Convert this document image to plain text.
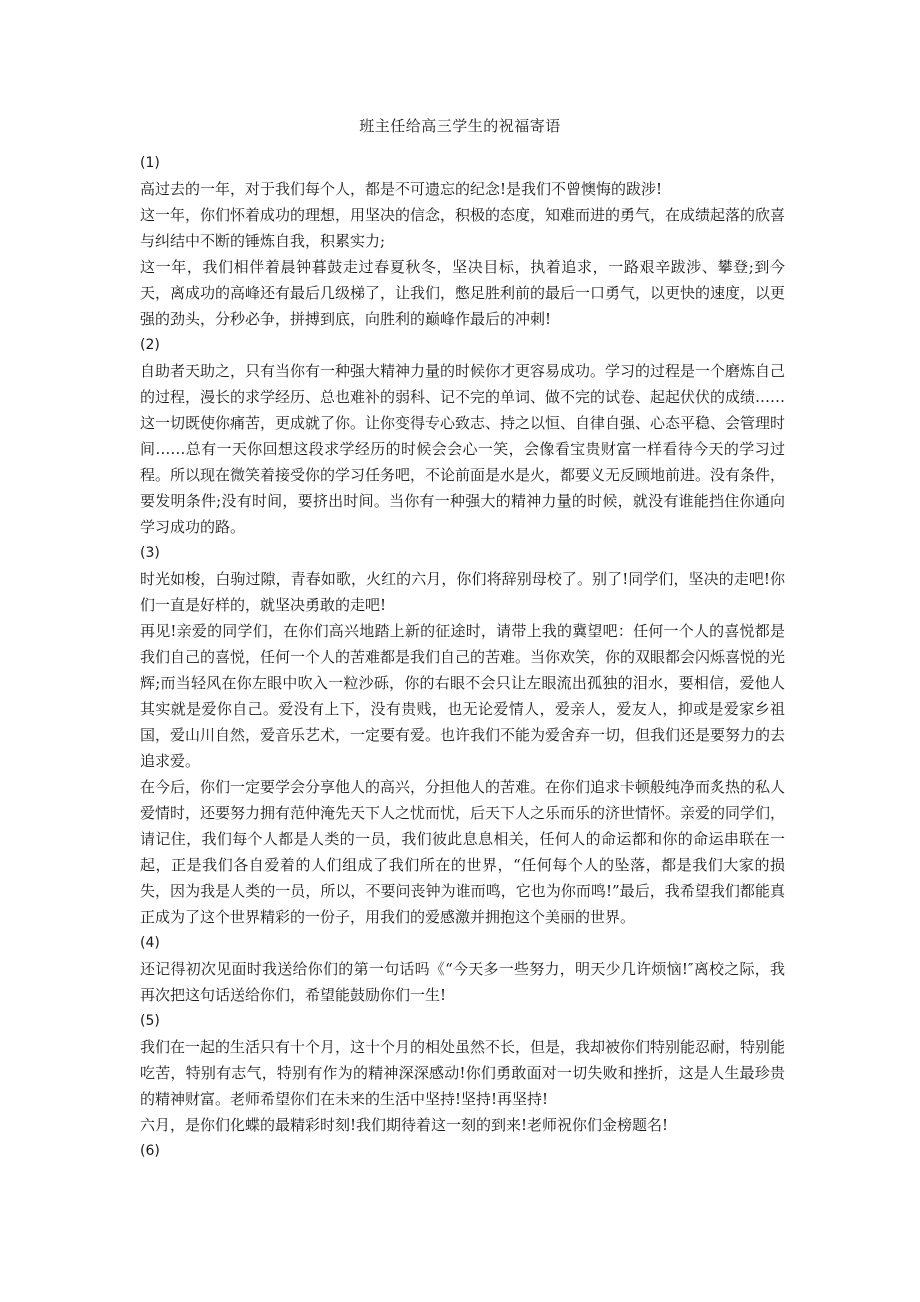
班主任给高三学生的祝福寄语

(1)

高过去的一年，对于我们每个人，都是不可遗忘的纪念!是我们不曾懊悔的跋涉!

这一年，你们怀着成功的理想，用坚决的信念，积极的态度，知难而进的勇气，在成绩起落的欣喜与纠结中不断的锤炼自我，积累实力;

这一年，我们相伴着晨钟暮鼓走过春夏秋冬，坚决目标，执着追求，一路艰辛跋涉、攀登;到今天，离成功的高峰还有最后几级梯了，让我们，憋足胜利前的最后一口勇气，以更快的速度，以更强的劲头，分秒必争，拼搏到底，向胜利的巅峰作最后的冲刺!

(2)

自助者天助之，只有当你有一种强大精神力量的时候你才更容易成功。学习的过程是一个磨炼自己的过程，漫长的求学经历、总也难补的弱科、记不完的单词、做不完的试卷、起起伏伏的成绩……这一切既使你痛苦，更成就了你。让你变得专心致志、持之以恒、自律自强、心态平稳、会管理时间……总有一天你回想这段求学经历的时候会会心一笑，会像看宝贵财富一样看待今天的学习过程。所以现在微笑着接受你的学习任务吧，不论前面是水是火，都要义无反顾地前进。没有条件，要发明条件;没有时间，要挤出时间。当你有一种强大的精神力量的时候，就没有谁能挡住你通向学习成功的路。

(3)

时光如梭，白驹过隙，青春如歌，火红的六月，你们将辞别母校了。别了!同学们，坚决的走吧!你们一直是好样的，就坚决勇敢的走吧!

再见!亲爱的同学们，在你们高兴地踏上新的征途时，请带上我的冀望吧：任何一个人的喜悦都是我们自己的喜悦，任何一个人的苦难都是我们自己的苦难。当你欢笑，你的双眼都会闪烁喜悦的光辉;而当轻风在你左眼中吹入一粒沙砾，你的右眼不会只让左眼流出孤独的泪水，要相信，爱他人其实就是爱你自己。爱没有上下，没有贵贱，也无论爱情人，爱亲人，爱友人，抑或是爱家乡祖国，爱山川自然，爱音乐艺术，一定要有爱。也许我们不能为爱舍弃一切，但我们还是要努力的去追求爱。

在今后，你们一定要学会分享他人的高兴，分担他人的苦难。在你们追求卡顿般纯净而炙热的私人爱情时，还要努力拥有范仲淹先天下人之忧而忧，后天下人之乐而乐的济世情怀。亲爱的同学们，请记住，我们每个人都是人类的一员，我们彼此息息相关，任何人的命运都和你的命运串联在一起，正是我们各自爱着的人们组成了我们所在的世界，“任何每个人的坠落，都是我们大家的损失，因为我是人类的一员，所以，不要问丧钟为谁而鸣，它也为你而鸣!”最后，我希望我们都能真正成为了这个世界精彩的一份子，用我们的爱感激并拥抱这个美丽的世界。

(4)

还记得初次见面时我送给你们的第一句话吗《“今天多一些努力，明天少几许烦恼!″离校之际，我再次把这句话送给你们，希望能鼓励你们一生!

(5)

我们在一起的生活只有十个月，这十个月的相处虽然不长，但是，我却被你们特别能忍耐，特别能吃苦，特别有志气，特别有作为的精神深深感动!你们勇敢面对一切失败和挫折，这是人生最珍贵的精神财富。老师希望你们在未来的生活中坚持!坚持!再坚持!

六月，是你们化蝶的最精彩时刻!我们期待着这一刻的到来!老师祝你们金榜题名!

(6)
